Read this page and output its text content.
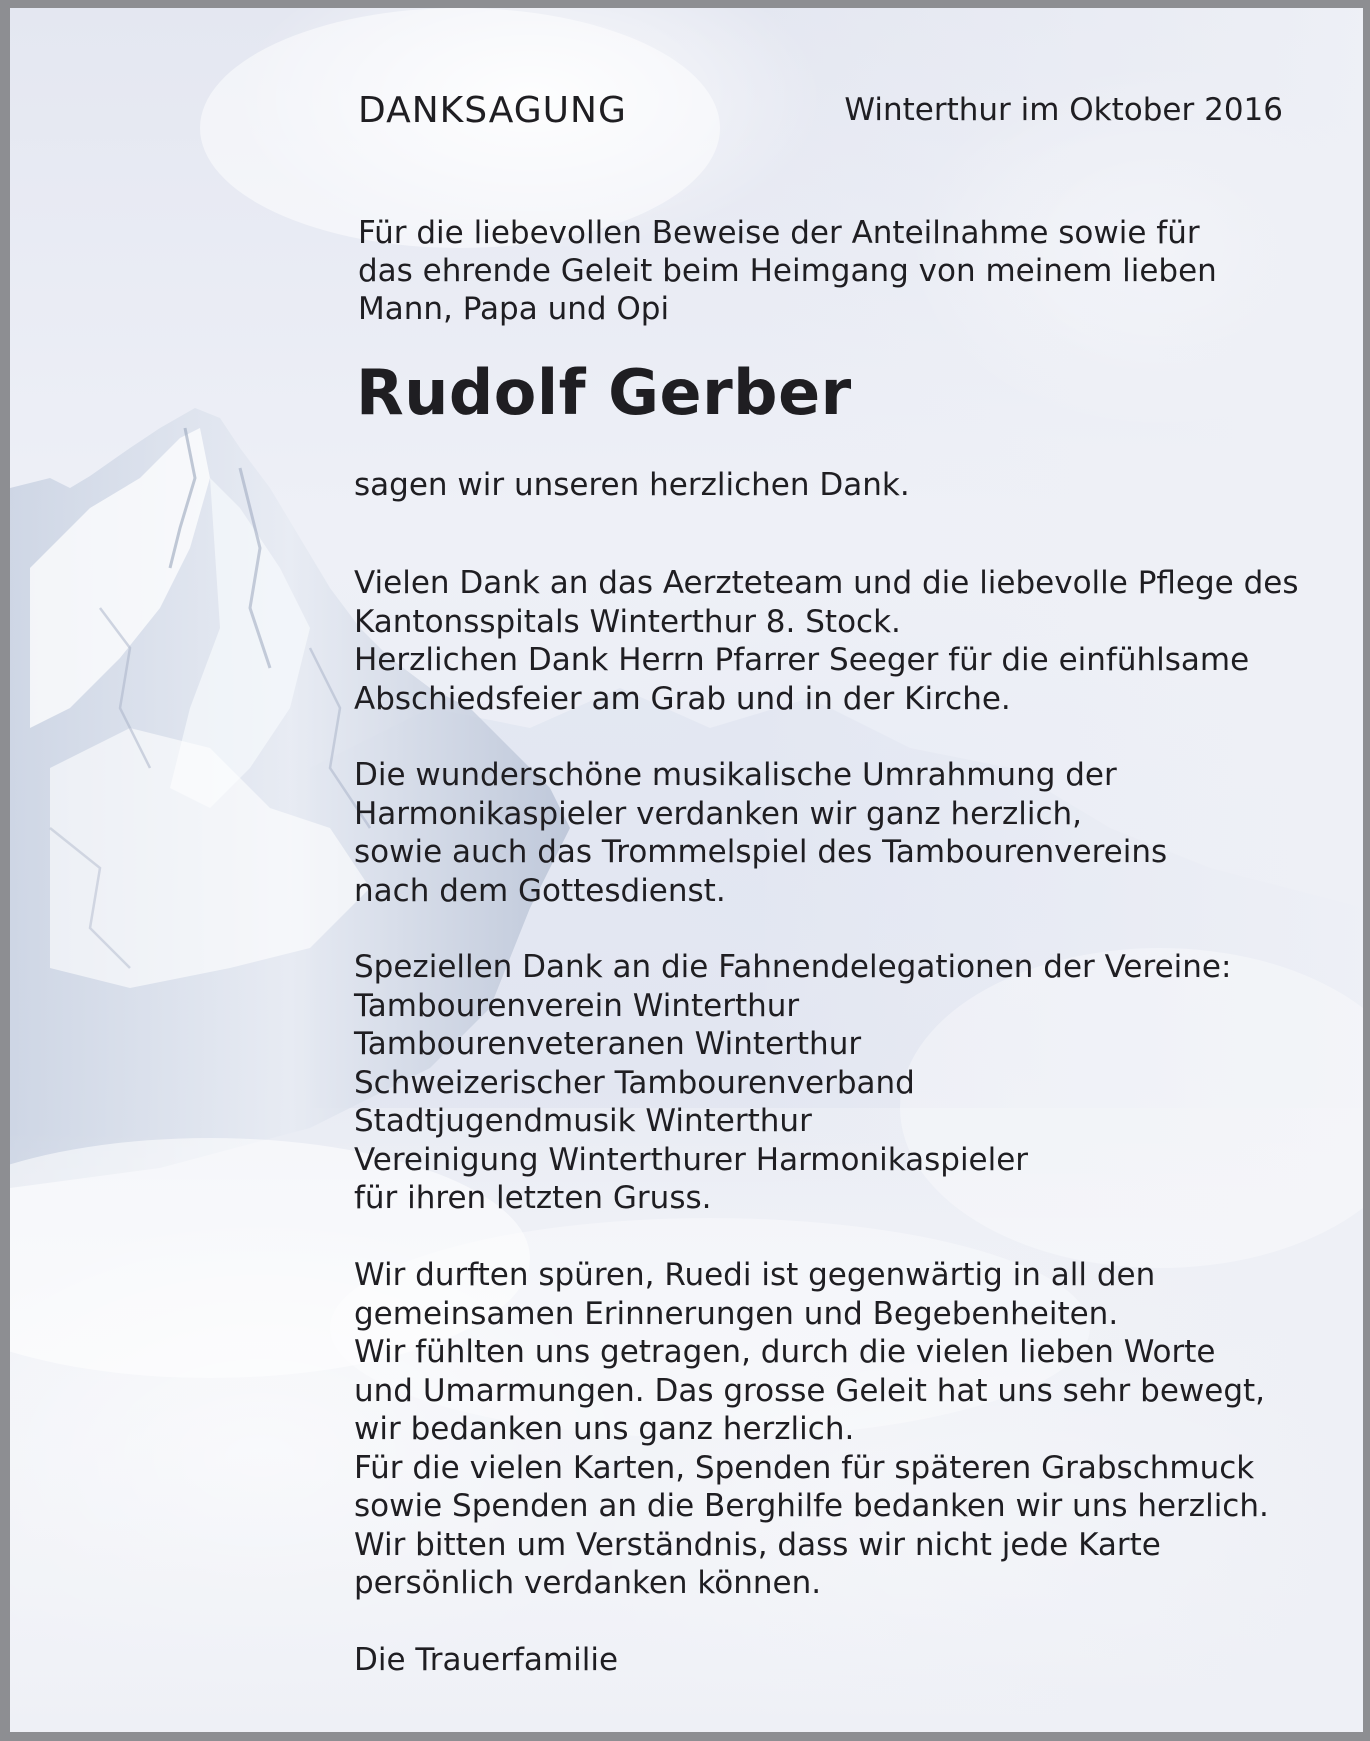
DANKSAGUNG	Winterthur im Oktober 2016

Für die liebevollen Beweise der Anteilnahme sowie für
das ehrende Geleit beim Heimgang von meinem lieben
Mann, Papa und Opi

Rudolf Gerber

sagen wir unseren herzlichen Dank.

Vielen Dank an das Aerzteteam und die liebevolle Pflege des
Kantonsspitals Winterthur 8. Stock.
Herzlichen Dank Herrn Pfarrer Seeger für die einfühlsame
Abschiedsfeier am Grab und in der Kirche.

Die wunderschöne musikalische Umrahmung der
Harmonikaspieler verdanken wir ganz herzlich,
sowie auch das Trommelspiel des Tambourenvereins
nach dem Gottesdienst.

Speziellen Dank an die Fahnendelegationen der Vereine:
Tambourenverein Winterthur
Tambourenveteranen Winterthur
Schweizerischer Tambourenverband
Stadtjugendmusik Winterthur
Vereinigung Winterthurer Harmonikaspieler
für ihren letzten Gruss.

Wir durften spüren, Ruedi ist gegenwärtig in all den
gemeinsamen Erinnerungen und Begebenheiten.
Wir fühlten uns getragen, durch die vielen lieben Worte
und Umarmungen. Das grosse Geleit hat uns sehr bewegt,
wir bedanken uns ganz herzlich.
Für die vielen Karten, Spenden für späteren Grabschmuck
sowie Spenden an die Berghilfe bedanken wir uns herzlich.
Wir bitten um Verständnis, dass wir nicht jede Karte
persönlich verdanken können.

Die Trauerfamilie
